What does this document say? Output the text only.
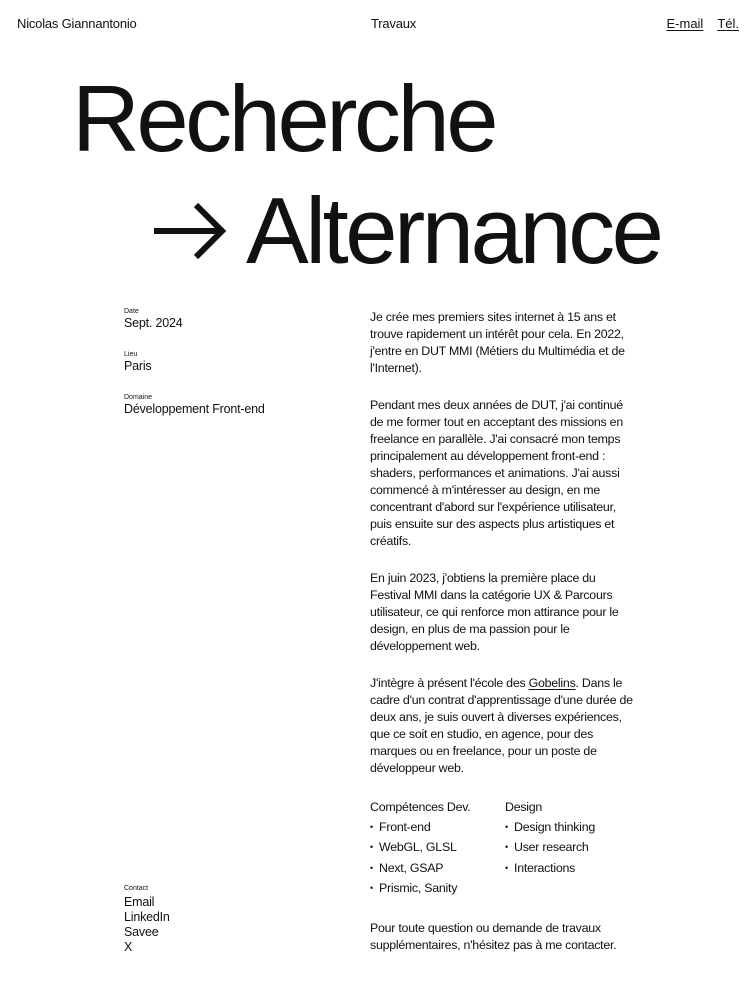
Nicolas Giannantonio	Travaux	E-mail Tél.
Recherche
Alternance
Date
Sept. 2024
Lieu
Paris
Domaine
Développement Front-end

Je crée mes premiers sites internet à 15 ans et trouve rapidement un intérêt pour cela. En 2022, j'entre en DUT MMI (Métiers du Multimédia et de l'Internet).

Pendant mes deux années de DUT, j'ai continué de me former tout en acceptant des missions en freelance en parallèle. J'ai consacré mon temps principalement au développement front-end : shaders, performances et animations. J'ai aussi commencé à m'intéresser au design, en me concentrant d'abord sur l'expérience utilisateur, puis ensuite sur des aspects plus artistiques et créatifs.

En juin 2023, j'obtiens la première place du Festival MMI dans la catégorie UX & Parcours utilisateur, ce qui renforce mon attirance pour le design, en plus de ma passion pour le développement web.

J'intègre à présent l'école des Gobelins. Dans le cadre d'un contrat d'apprentissage d'une durée de deux ans, je suis ouvert à diverses expériences, que ce soit en studio, en agence, pour des marques ou en freelance, pour un poste de développeur web.

Compétences Dev.
• Front-end
• WebGL, GLSL
• Next, GSAP
• Prismic, Sanity
Design
• Design thinking
• User research
• Interactions
Pour toute question ou demande de travaux supplémentaires, n'hésitez pas à me contacter.
Contact
Email
LinkedIn
Savee
X
